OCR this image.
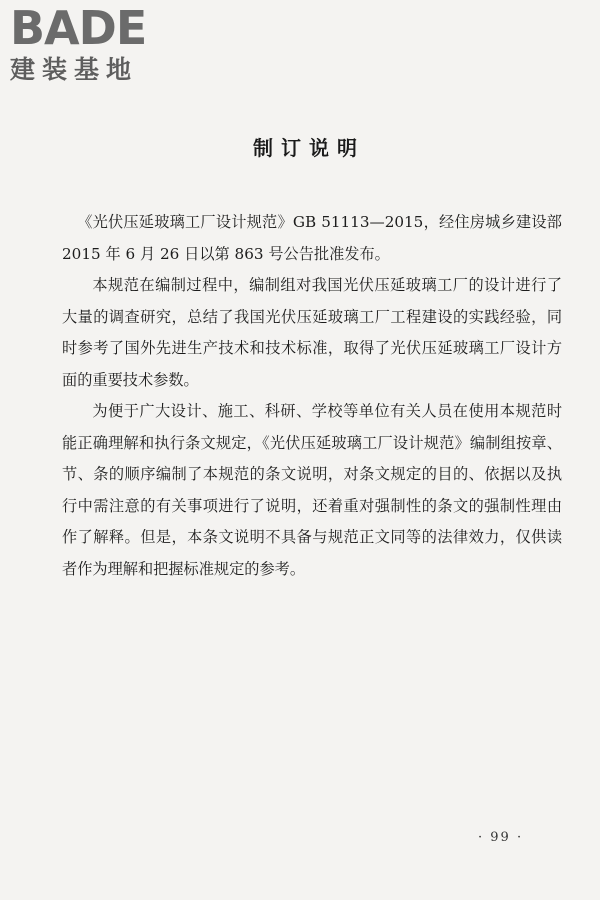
BADE
建装基地
制订说明

《光伏压延玻璃工厂设计规范》GB 51113—2015，经住房城乡建设部 2015 年 6 月 26 日以第 863 号公告批准发布。

本规范在编制过程中，编制组对我国光伏压延玻璃工厂的设计进行了大量的调查研究，总结了我国光伏压延玻璃工厂工程建设的实践经验，同时参考了国外先进生产技术和技术标准，取得了光伏压延玻璃工厂设计方面的重要技术参数。

为便于广大设计、施工、科研、学校等单位有关人员在使用本规范时能正确理解和执行条文规定，《光伏压延玻璃工厂设计规范》编制组按章、节、条的顺序编制了本规范的条文说明，对条文规定的目的、依据以及执行中需注意的有关事项进行了说明，还着重对强制性的条文的强制性理由作了解释。但是，本条文说明不具备与规范正文同等的法律效力，仅供读者作为理解和把握标准规定的参考。

· 99 ·
